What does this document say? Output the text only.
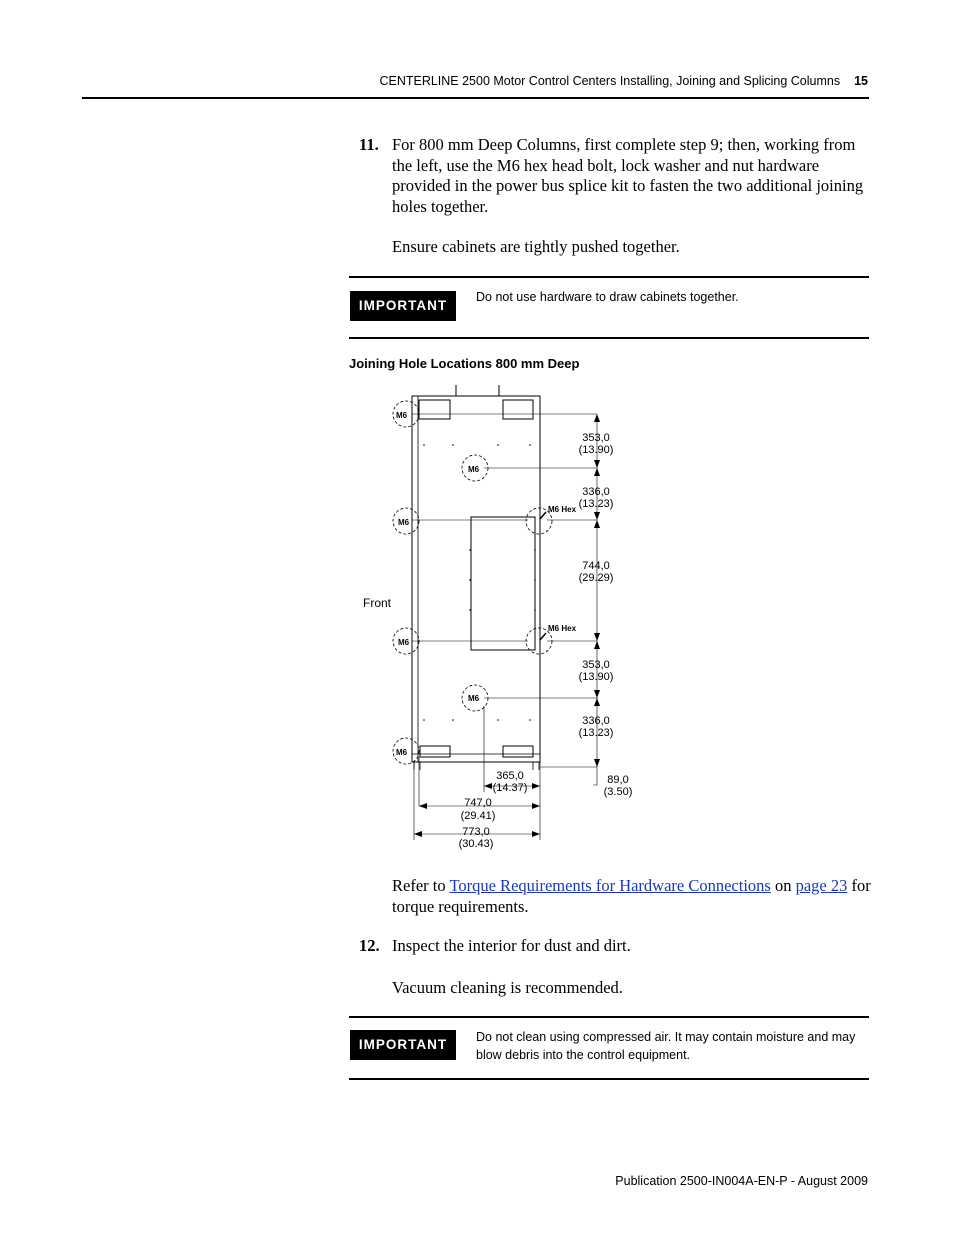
CENTERLINE 2500 Motor Control Centers Installing, Joining and Splicing Columns 15
11. For 800 mm Deep Columns, first complete step 9; then, working from the left, use the M6 hex head bolt, lock washer and nut hardware provided in the power bus splice kit to fasten the two additional joining holes together.

Ensure cabinets are tightly pushed together.

IMPORTANT
Do not use hardware to draw cabinets together.
Joining Hole Locations 800 mm Deep
Front
M6
M6
M6
M6
M6
M6
M6 Hex
M6 Hex
353,0
(13.90)
336,0
(13.23)
744,0
(29.29)
353,0
(13.90)
336,0
(13.23)
89,0
(3.50)
365,0
(14.37)
747,0
(29.41)
773,0
(30.43)
Refer to Torque Requirements for Hardware Connections on page 23 for torque requirements.
12. Inspect the interior for dust and dirt.

Vacuum cleaning is recommended.

IMPORTANT	Do not clean using compressed air. It may contain moisture and may blow debris into the control equipment.
Publication 2500-IN004A-EN-P - August 2009
